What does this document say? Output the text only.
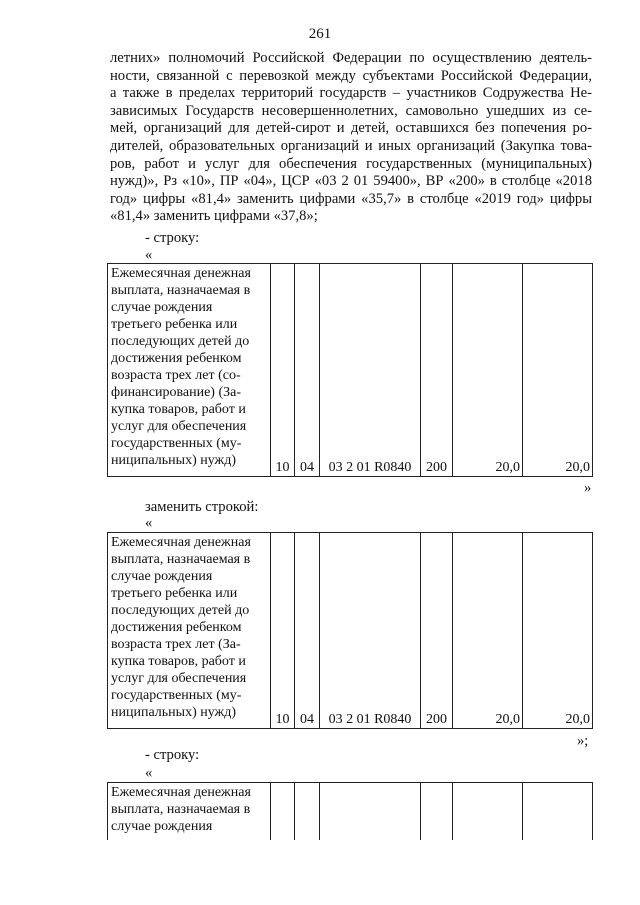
261
летних» полномочий Российской Федерации по осуществлению деятель-
ности, связанной с перевозкой между субъектами Российской Федерации,
а также в пределах территорий государств – участников Содружества Не-
зависимых Государств несовершеннолетних, самовольно ушедших из се-
мей, организаций для детей-сирот и детей, оставшихся без попечения ро-
дителей, образовательных организаций и иных организаций (Закупка това-
ров, работ и услуг для обеспечения государственных (муниципальных)
нужд)», Рз «10», ПР «04», ЦСР «03 2 01 59400», ВР «200» в столбце «2018
год» цифры «81,4» заменить цифрами «35,7» в столбце «2019 год» цифры
«81,4» заменить цифрами «37,8»;
- строку:
«
Ежемесячная денежная
выплата, назначаемая в
случае рождения
третьего ребенка или
последующих детей до
достижения ребенком
возраста трех лет (со-
финансирование) (За-
купка товаров, работ и
услуг для обеспечения
государственных (му-
ниципальных) нужд)	10	04	03 2 01 R0840	200	20,0	20,0
»
заменить строкой:
«
Ежемесячная денежная
выплата, назначаемая в
случае рождения
третьего ребенка или
последующих детей до
достижения ребенком
возраста трех лет (За-
купка товаров, работ и
услуг для обеспечения
государственных (му-
ниципальных) нужд)	10	04	03 2 01 R0840	200	20,0	20,0
»;
- строку:
«
Ежемесячная денежная
выплата, назначаемая в
случае рождения
